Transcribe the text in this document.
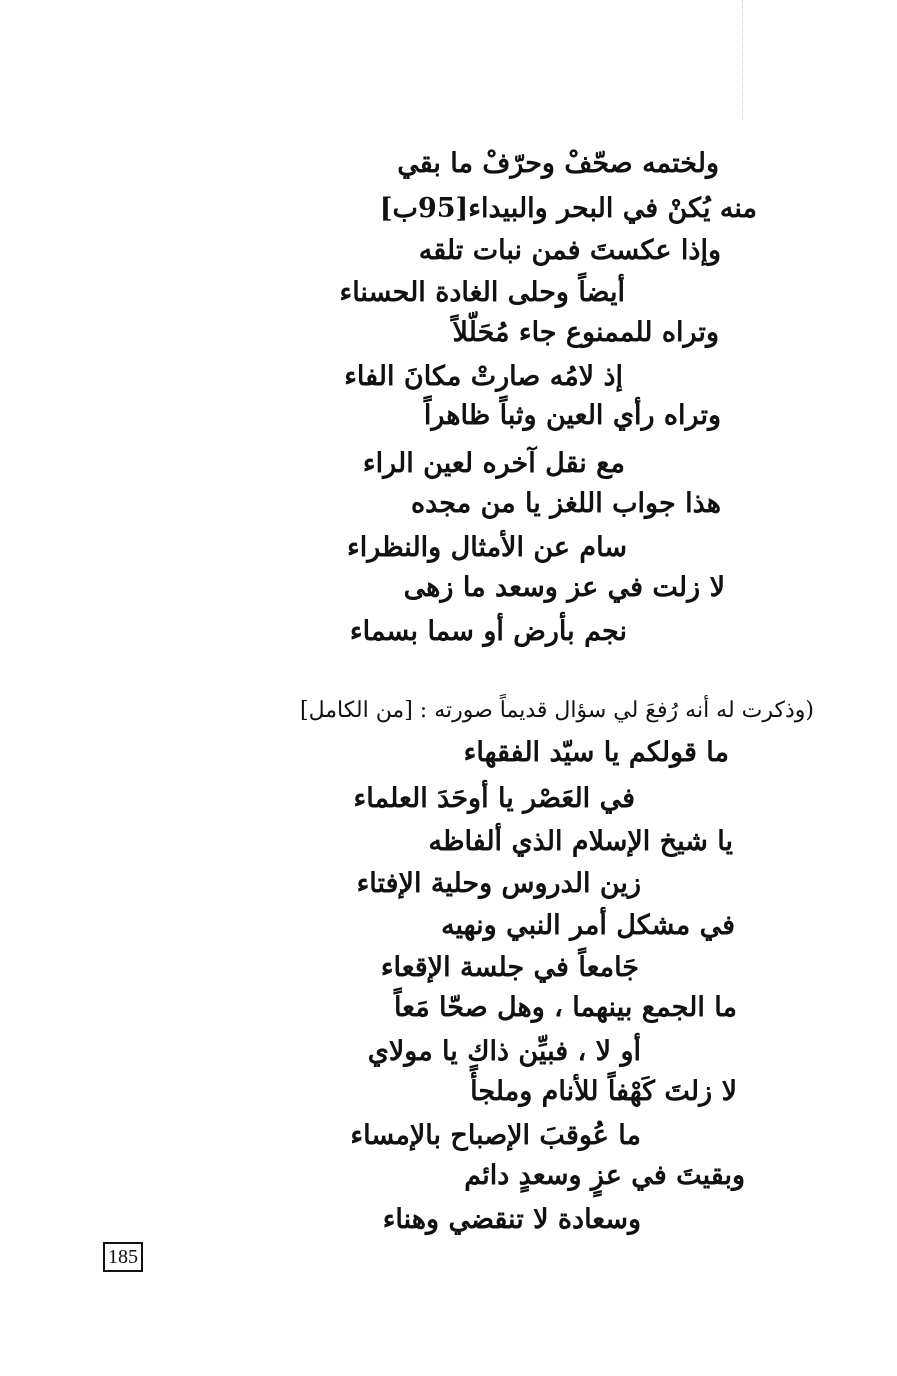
ولختمه صحّفْ وحرّفْ ما بقي
منه يُكنْ في البحر والبيداء[95ب]
وإذا عكستَ فمن نبات تلقه
أيضاً وحلى الغادة الحسناء
وتراه للممنوع جاء مُحَلّلاً
إذ لامُه صارتْ مكانَ الفاء
وتراه رأي العين وثباً ظاهراً
مع نقل آخره لعين الراء
هذا جواب اللغز يا من مجده
سام عن الأمثال والنظراء
لا زلت في عز وسعد ما زهى
نجم بأرض أو سما بسماء
(وذكرت له أنه رُفعَ لي سؤال قديماً صورته : [من الكامل]
ما قولكم يا سيّد الفقهاء
في العَصْر يا أوحَدَ العلماء
يا شيخ الإسلام الذي ألفاظه
زين الدروس وحلية الإفتاء
في مشكل أمر النبي ونهيه
جَامعاً في جلسة الإقعاء
ما الجمع بينهما ، وهل صحّا مَعاً
أو لا ، فبيِّن ذاك يا مولاي
لا زلتَ كَهْفاً للأنام وملجأً
ما عُوقبَ الإصباح بالإمساء
وبقيتَ في عزٍ وسعدٍ دائم
وسعادة لا تنقضي وهناء
185
